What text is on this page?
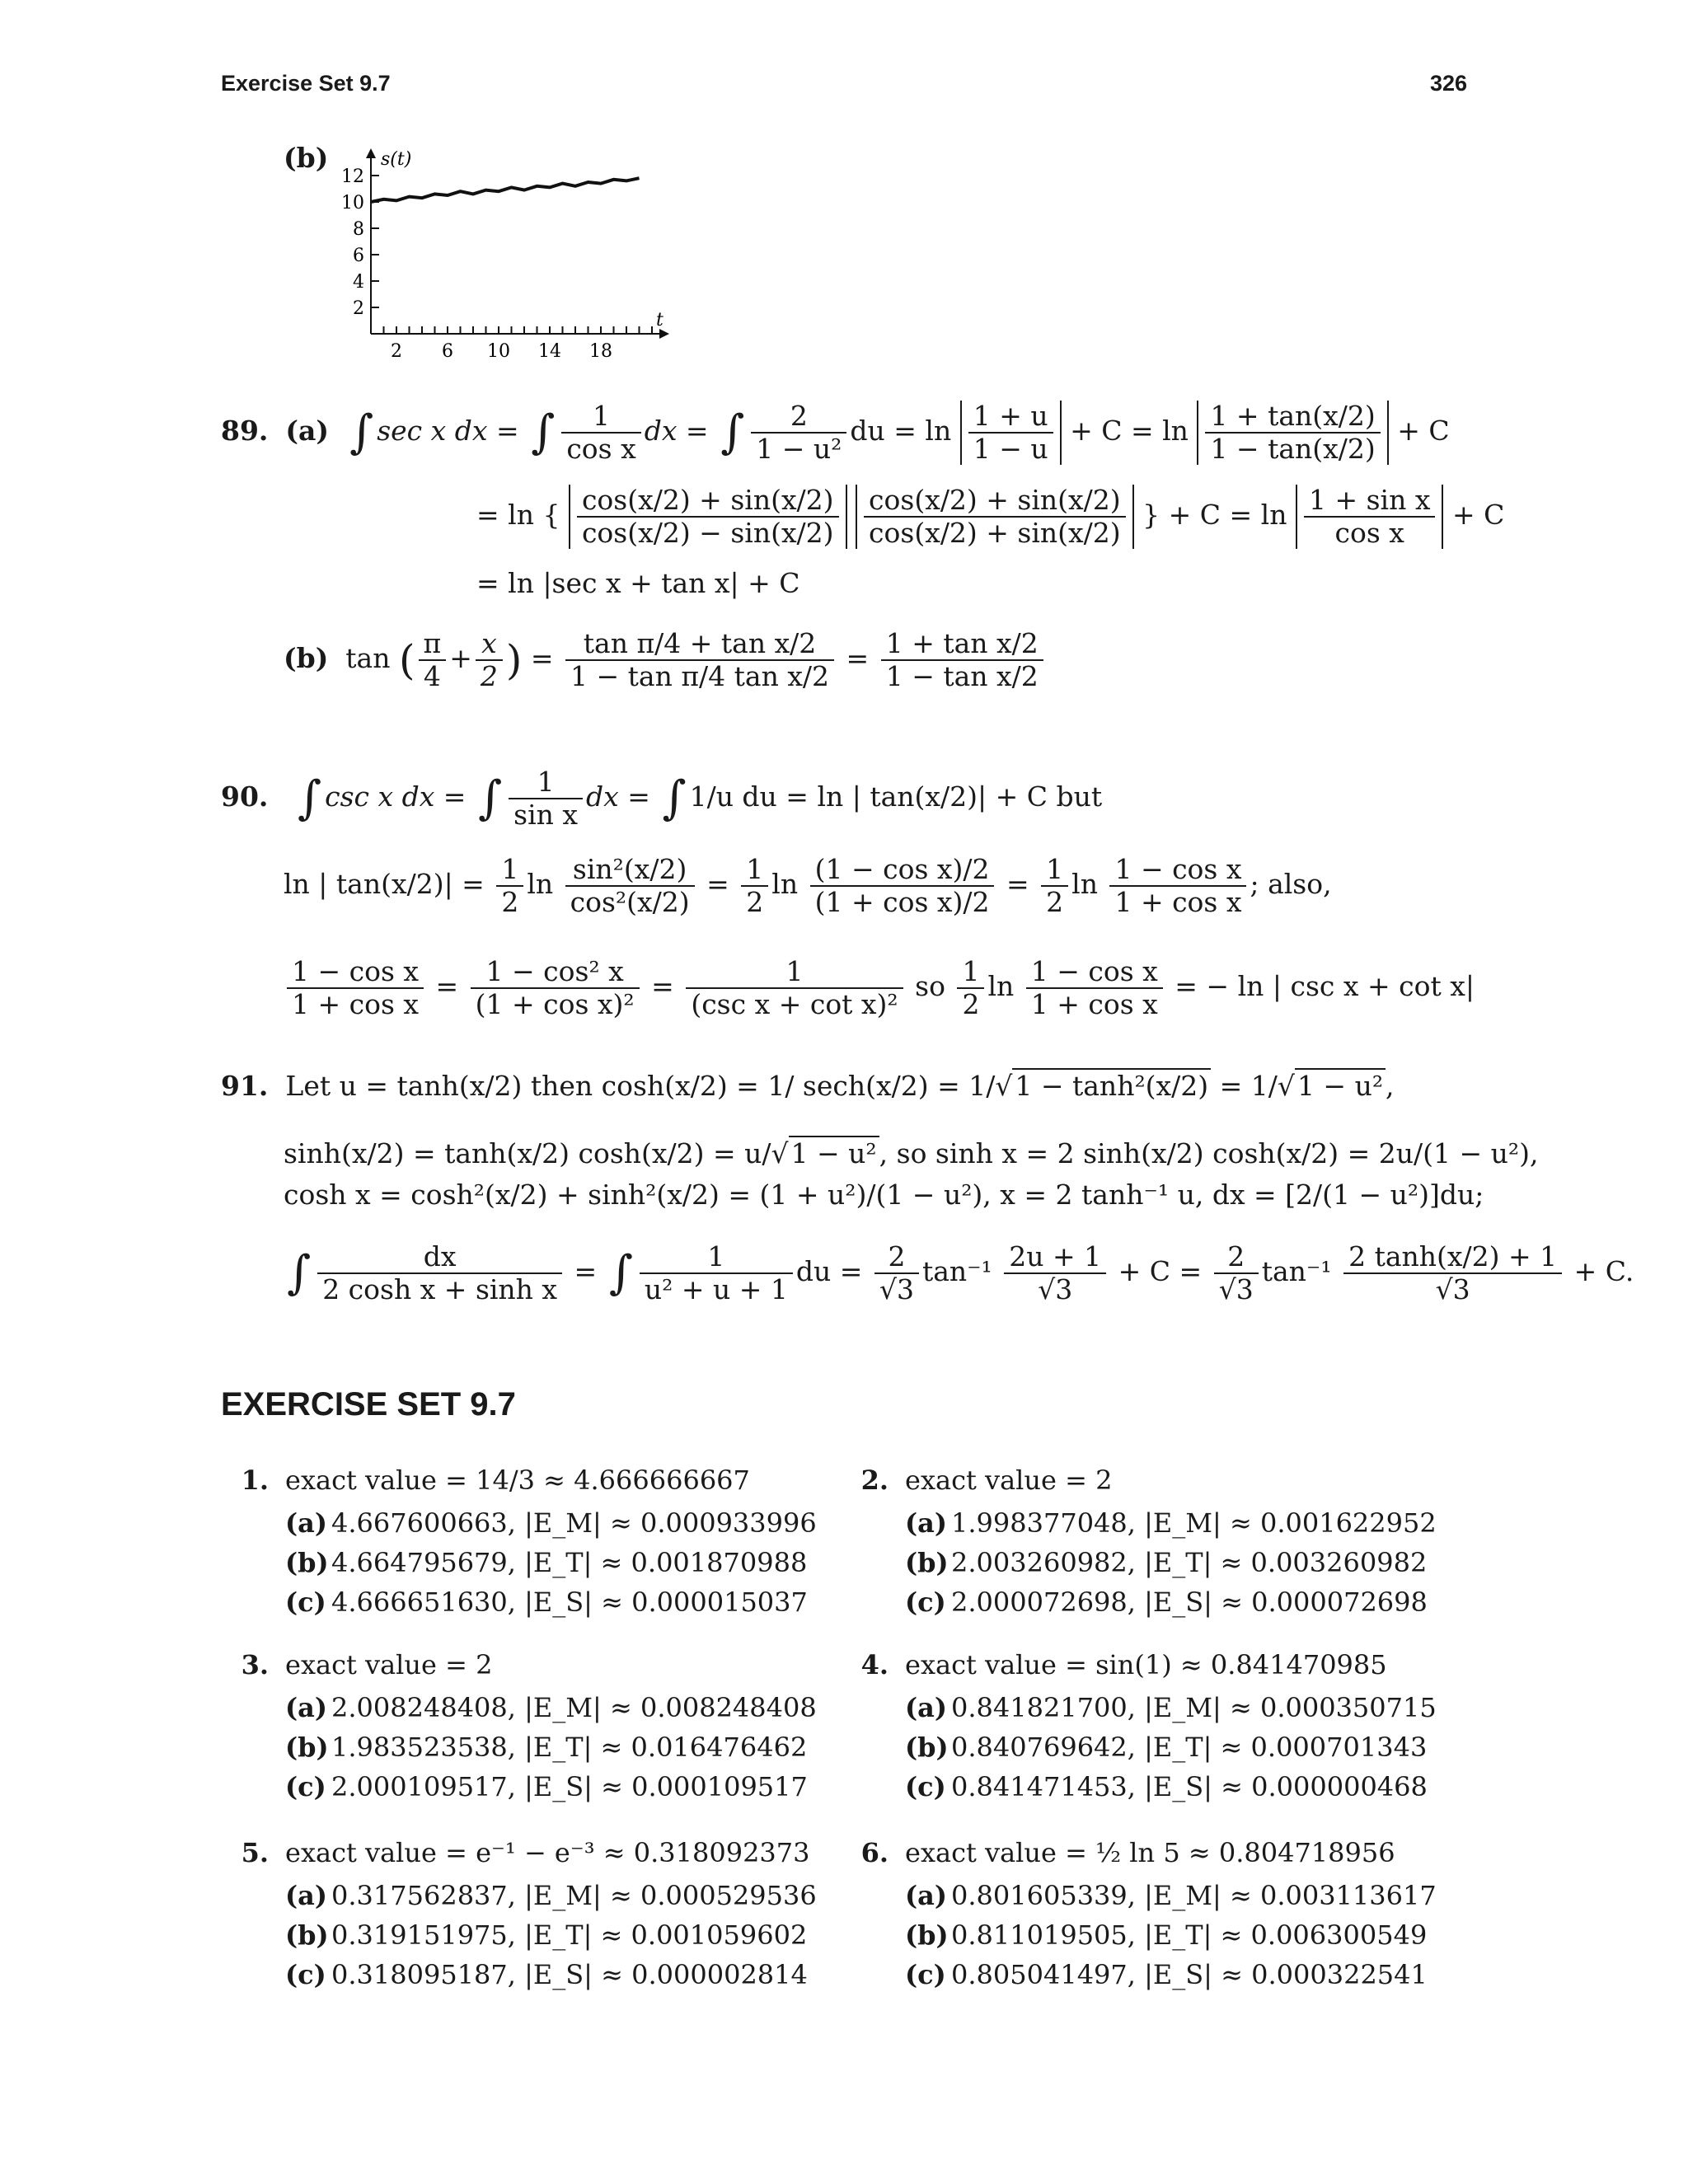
Exercise Set 9.7	326
(b)	s(t)
t
12
10
8
6
4
2
2 6 10 14 18
89. (a) ∫ sec x dx = ∫ $\frac{1}{\text{cos x}}$ dx = ∫ $\frac{2}{\text{1 − u²}}$ du = $\ln \frac{1 + u}{1 - u} + C = \ln \frac{1 + \tan(x/2)}{1 - \tan(x/2)} + C$
= ln { $\frac{\cos(x/2) + \sin(x/2)}{\cos(x/2) - \sin(x/2)}$
$\frac{\cos(x/2) + \sin(x/2)}{\cos(x/2) + \sin(x/2)}$ } + $C = \ln \frac{\text{1 + sin x}}{\text{cos x}} + C$
= ln |sec x + tan x| + C
(b) tan ( $\frac{\pi}{4} + \frac{x}{2}$ ) = $\frac{\text{tan π/4 + tan x/2}}{\text{1 − tan π/4 tan x/2}} = \frac{\text{1 + tan x/2}}{\text{1 − tan x/2}}$
90. ∫ csc x dx = ∫ $\frac{1}{\text{sin x}}$ dx = ∫ 1/u du = ln | tan(x/2)| + C but
ln | $\tan(x/2)| = \frac{1}{2}$ $\ln \frac{\text{sin²(x/2)}}{\text{cos²(x/2)}} = \frac{1}{2}$ $\ln \frac{\text{(1 − cos x)/2}}{\text{(1 + cos x)/2}} = \frac{1}{2}$ $\ln \frac{\text{1 − cos x}}{\text{1 + cos x}}$ ; also,
$\frac{\text{1 − cos x}}{\text{1 + cos x}} = \frac{\text{1 − cos² x}}{\text{(1 + cos x)²}} = \frac{1}{\text{(csc x + cot x)²}}$ so $\frac{1}{2}$ $\ln \frac{\text{1 − cos x}}{\text{1 + cos x}}$ = − ln | csc x + cot x|
91. Let u = tanh(x/2) then cosh(x/2) = 1/ sech(x/2) = 1/√1 − tanh²(x/2) = 1/√1 − u²,
sinh(x/2) = tanh(x/2) cosh(x/2) = u/√1 − u², so sinh x = 2 sinh(x/2) cosh(x/2) = 2u/(1 − u²),
cosh x = cosh²(x/2) + sinh²(x/2) = (1 + u²)/(1 − u²), x = 2 tanh⁻¹ u, dx = [2/(1 − u²)]du;
∫ $\frac{dx}{\text{2 cosh x + sinh x}}$ = ∫ $\frac{1}{\text{u² + u + 1}}$ du = $\frac{2}{√3} \tan^{-1} \frac{2u + 1}{√3} + C = \frac{2}{√3} \tan^{-1} \frac{2 \tanh(x/2) + 1}{√3} + C$.
EXERCISE SET 9.7
1. exact value = 14/3 ≈ 4.666666667
(a) 4.667600663, |E_M| ≈ 0.000933996
(b) 4.664795679, |E_T| ≈ 0.001870988
(c) 4.666651630, |E_S| ≈ 0.000015037
2. exact value = 2
(a) 1.998377048, |E_M| ≈ 0.001622952
(b) 2.003260982, |E_T| ≈ 0.003260982
(c) 2.000072698, |E_S| ≈ 0.000072698
3. exact value = 2
(a) 2.008248408, |E_M| ≈ 0.008248408
(b) 1.983523538, |E_T| ≈ 0.016476462
(c) 2.000109517, |E_S| ≈ 0.000109517
4. exact value = sin(1) ≈ 0.841470985
(a) 0.841821700, |E_M| ≈ 0.000350715
(b) 0.840769642, |E_T| ≈ 0.000701343
(c) 0.841471453, |E_S| ≈ 0.000000468
5. exact value = e⁻¹ − e⁻³ ≈ 0.318092373
(a) 0.317562837, |E_M| ≈ 0.000529536
(b) 0.319151975, |E_T| ≈ 0.001059602
(c) 0.318095187, |E_S| ≈ 0.000002814
6. exact value = ½ ln 5 ≈ 0.804718956
(a) 0.801605339, |E_M| ≈ 0.003113617
(b) 0.811019505, |E_T| ≈ 0.006300549
(c) 0.805041497, |E_S| ≈ 0.000322541
